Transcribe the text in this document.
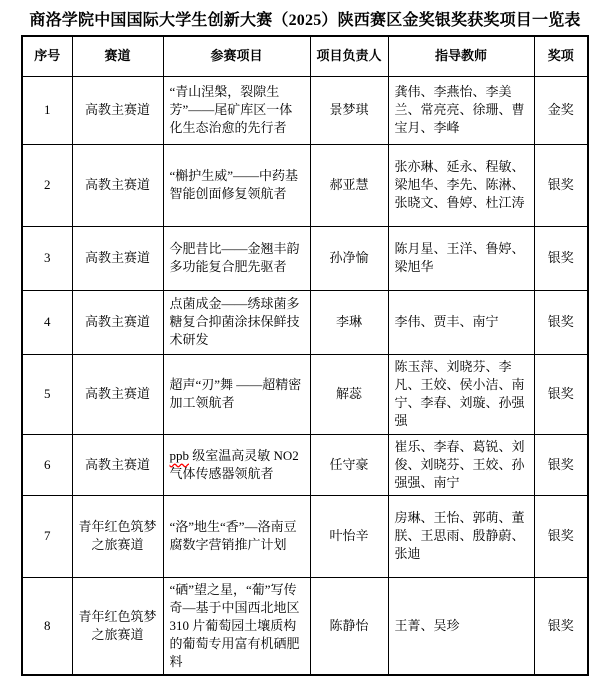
商洛学院中国国际大学生创新大赛（2025）陕西赛区金奖银奖获奖项目一览表
序号	赛道	参赛项目	项目负责人	指导教师	奖项
1	高教主赛道	“青山涅槃，裂隙生芳”——尾矿库区一体化生态治愈的先行者	景梦琪	龚伟、李燕怡、李美兰、常亮亮、徐珊、曹宝月、李峰	金奖
2	高教主赛道	“槲护生威”——中药基智能创面修复领航者	郝亚慧	张亦琳、延永、程敏、梁旭华、李先、陈淋、张晓文、鲁婷、杜江涛	银奖
3	高教主赛道	今肥昔比——金翘丰韵多功能复合肥先驱者	孙净愉	陈月星、王洋、鲁婷、梁旭华	银奖
4	高教主赛道	点菌成金——绣球菌多糖复合抑菌涂抹保鲜技术研发	李琳	李伟、贾丰、南宁	银奖
5	高教主赛道	超声“刃”舞 ——超精密加工领航者	解蕊	陈玉萍、刘晓芬、李凡、王姣、侯小洁、南宁、李春、刘璇、孙强强	银奖
6	高教主赛道	ppb 级室温高灵敏 NO2 气体传感器领航者	任守豪	崔乐、李春、葛锐、刘俊、刘晓芬、王姣、孙强强、南宁	银奖
7	青年红色筑梦之旅赛道	“洛”地生“香”—洛南豆腐数字营销推广计划	叶怡辛	房琳、王怡、郭萌、董朕、王思雨、殷静蔚、张迪	银奖
8	青年红色筑梦之旅赛道	“硒”望之星，“葡”写传奇—基于中国西北地区 310 片葡萄园土壤质构的葡萄专用富有机硒肥料	陈静怡	王菁、吴珍	银奖
